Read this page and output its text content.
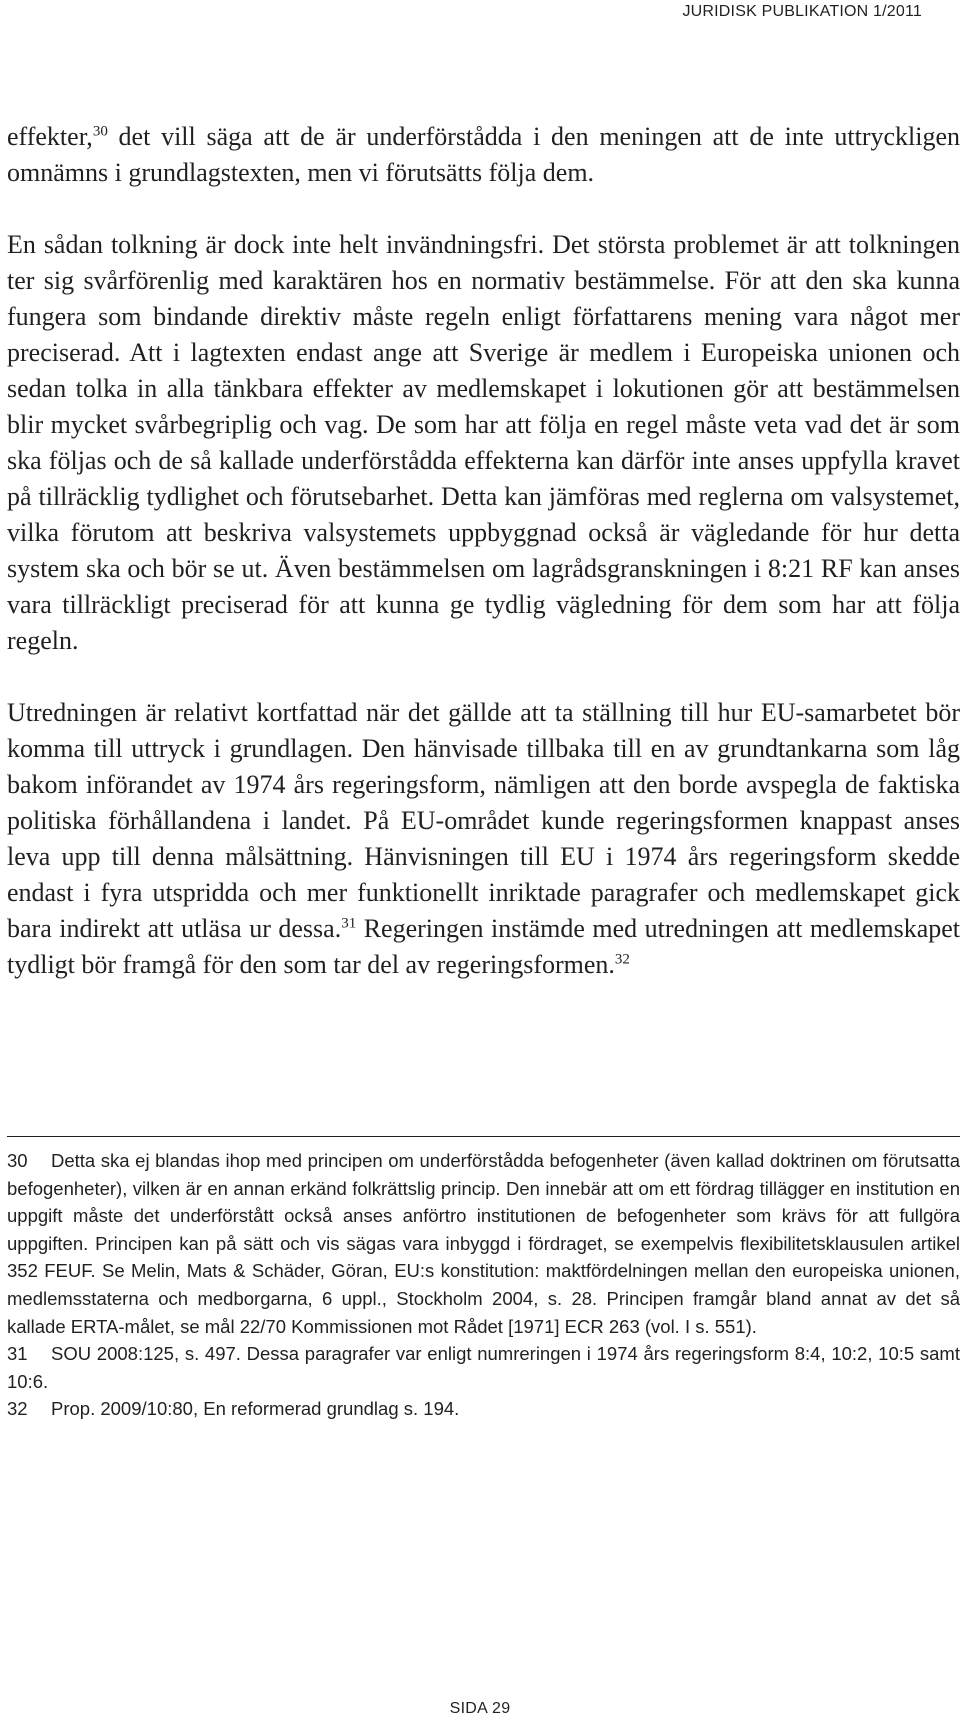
JURIDISK PUBLIKATION 1/2011

effekter,$^{30}$ det vill säga att de är underförstådda i den meningen att de inte uttryckligen omnämns i grundlagstexten, men vi förutsätts följa dem.

En sådan tolkning är dock inte helt invändningsfri. Det största problemet är att tolkningen ter sig svårförenlig med karaktären hos en normativ bestämmelse. För att den ska kunna fungera som bindande direktiv måste regeln enligt författarens mening vara något mer preciserad. Att i lagtexten endast ange att Sverige är medlem i Europeiska unionen och sedan tolka in alla tänkbara effekter av medlemskapet i lokutionen gör att bestämmelsen blir mycket svårbegriplig och vag. De som har att följa en regel måste veta vad det är som ska följas och de så kallade underförstådda effekterna kan därför inte anses uppfylla kravet på tillräcklig tydlighet och förutsebarhet. Detta kan jämföras med reglerna om valsystemet, vilka förutom att beskriva valsystemets uppbyggnad också är vägledande för hur detta system ska och bör se ut. Även bestämmelsen om lagrådsgranskningen i 8:21 RF kan anses vara tillräckligt preciserad för att kunna ge tydlig vägledning för dem som har att följa regeln.

Utredningen är relativt kortfattad när det gällde att ta ställning till hur EU-samarbetet bör komma till uttryck i grundlagen. Den hänvisade tillbaka till en av grundtankarna som låg bakom införandet av 1974 års regeringsform, nämligen att den borde avspegla de faktiska politiska förhållandena i landet. På EU-området kunde regeringsformen knappast anses leva upp till denna målsättning. Hänvisningen till EU i 1974 års regeringsform skedde endast i fyra utspridda och mer funktionellt inriktade paragrafer och medlemskapet gick bara indirekt att utläsa ur dessa.$^{31}$ Regeringen instämde med utredningen att medlemskapet tydligt bör framgå för den som tar del av regeringsformen.$^{32}$

30 Detta ska ej blandas ihop med principen om underförstådda befogenheter (även kallad doktrinen om förutsatta befogenheter), vilken är en annan erkänd folkrättslig princip. Den innebär att om ett fördrag tillägger en institution en uppgift måste det underförstått också anses anförtro institutionen de befogenheter som krävs för att fullgöra uppgiften. Principen kan på sätt och vis sägas vara inbyggd i fördraget, se exempelvis flexibilitetsklausulen artikel 352 FEUF. Se Melin, Mats & Schäder, Göran, EU:s konstitution: maktfördelningen mellan den europeiska unionen, medlemsstaterna och medborgarna, 6 uppl., Stockholm 2004, s. 28. Principen framgår bland annat av det så kallade ERTA-målet, se mål 22/70 Kommissionen mot Rådet [1971] ECR 263 (vol. I s. 551).

31 SOU 2008:125, s. 497. Dessa paragrafer var enligt numreringen i 1974 års regeringsform 8:4, 10:2, 10:5 samt 10:6.

32 Prop. 2009/10:80, En reformerad grundlag s. 194.

SIDA 29
